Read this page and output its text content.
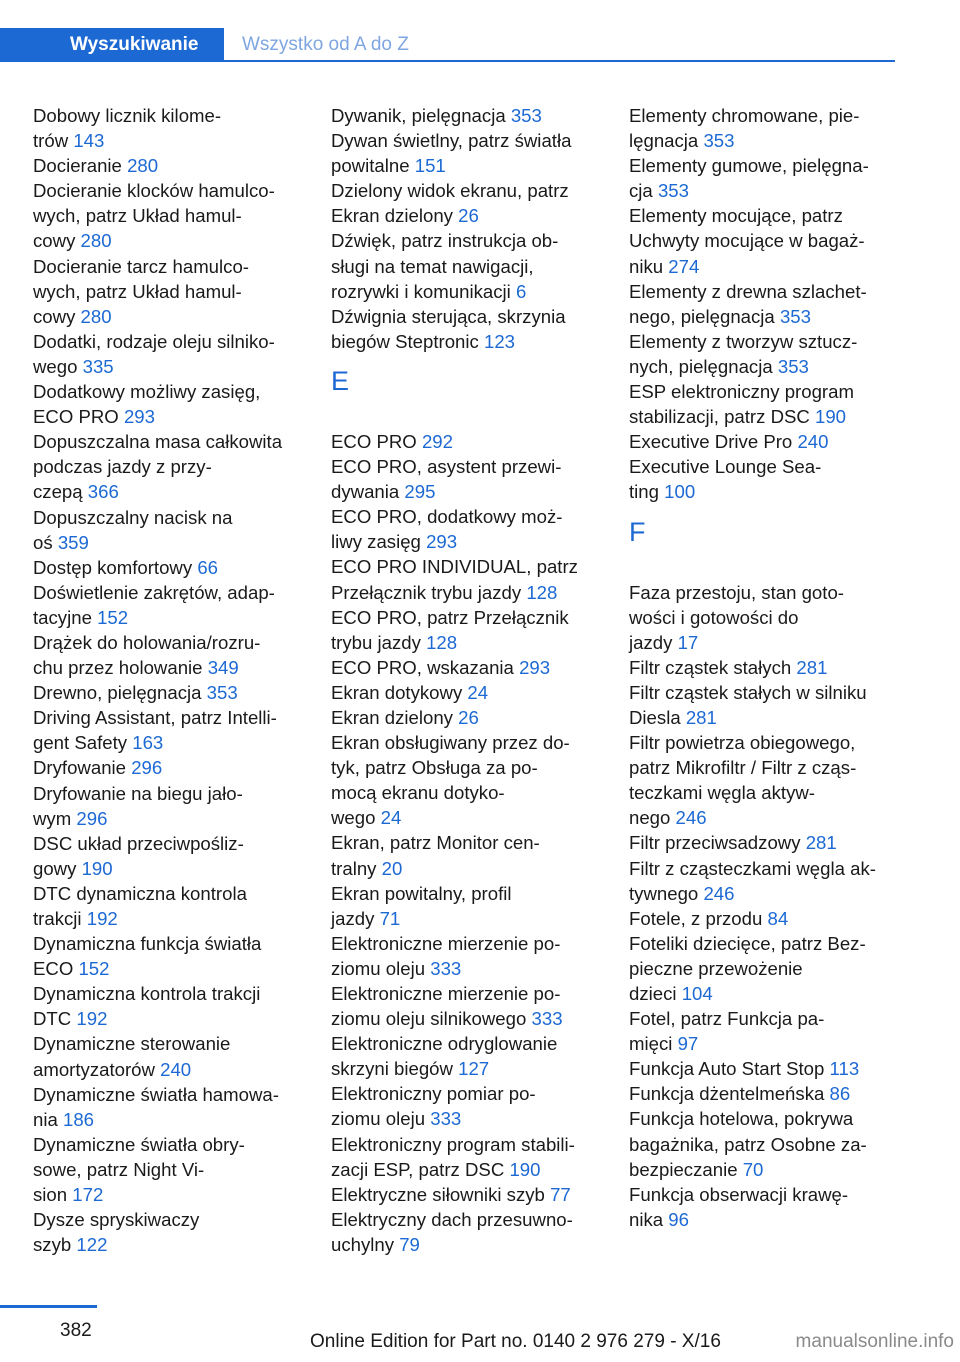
Wyszukiwanie	Wszystko od A do Z
Dobowy licznik kilome-
trów 143
Docieranie 280
Docieranie klocków hamulco-
wych, patrz Układ hamul-
cowy 280
Docieranie tarcz hamulco-
wych, patrz Układ hamul-
cowy 280
Dodatki, rodzaje oleju silniko-
wego 335
Dodatkowy możliwy zasięg,
ECO PRO 293
Dopuszczalna masa całkowita
podczas jazdy z przy-
czepą 366
Dopuszczalny nacisk na
oś 359
Dostęp komfortowy 66
Doświetlenie zakrętów, adap-
tacyjne 152
Drążek do holowania/rozru-
chu przez holowanie 349
Drewno, pielęgnacja 353
Driving Assistant, patrz Intelli-
gent Safety 163
Dryfowanie 296
Dryfowanie na biegu jało-
wym 296
DSC układ przeciwpośliz-
gowy 190
DTC dynamiczna kontrola
trakcji 192
Dynamiczna funkcja światła
ECO 152
Dynamiczna kontrola trakcji
DTC 192
Dynamiczne sterowanie
amortyzatorów 240
Dynamiczne światła hamowa-
nia 186
Dynamiczne światła obry-
sowe, patrz Night Vi-
sion 172
Dysze spryskiwaczy
szyb 122
Dywanik, pielęgnacja 353
Dywan świetlny, patrz światła
powitalne 151
Dzielony widok ekranu, patrz
Ekran dzielony 26
Dźwięk, patrz instrukcja ob-
sługi na temat nawigacji,
rozrywki i komunikacji 6
Dźwignia sterująca, skrzynia
biegów Steptronic 123
E
ECO PRO 292
ECO PRO, asystent przewi-
dywania 295
ECO PRO, dodatkowy moż-
liwy zasięg 293
ECO PRO INDIVIDUAL, patrz
Przełącznik trybu jazdy 128
ECO PRO, patrz Przełącznik
trybu jazdy 128
ECO PRO, wskazania 293
Ekran dotykowy 24
Ekran dzielony 26
Ekran obsługiwany przez do-
tyk, patrz Obsługa za po-
mocą ekranu dotyko-
wego 24
Ekran, patrz Monitor cen-
tralny 20
Ekran powitalny, profil
jazdy 71
Elektroniczne mierzenie po-
ziomu oleju 333
Elektroniczne mierzenie po-
ziomu oleju silnikowego 333
Elektroniczne odryglowanie
skrzyni biegów 127
Elektroniczny pomiar po-
ziomu oleju 333
Elektroniczny program stabili-
zacji ESP, patrz DSC 190
Elektryczne siłowniki szyb 77
Elektryczny dach przesuwno-
uchylny 79
Elementy chromowane, pie-
lęgnacja 353
Elementy gumowe, pielęgna-
cja 353
Elementy mocujące, patrz
Uchwyty mocujące w bagaż-
niku 274
Elementy z drewna szlachet-
nego, pielęgnacja 353
Elementy z tworzyw sztucz-
nych, pielęgnacja 353
ESP elektroniczny program
stabilizacji, patrz DSC 190
Executive Drive Pro 240
Executive Lounge Sea-
ting 100
F
Faza przestoju, stan goto-
wości i gotowości do
jazdy 17
Filtr cząstek stałych 281
Filtr cząstek stałych w silniku
Diesla 281
Filtr powietrza obiegowego,
patrz Mikrofiltr / Filtr z cząs-
teczkami węgla aktyw-
nego 246
Filtr przeciwsadzowy 281
Filtr z cząsteczkami węgla ak-
tywnego 246
Fotele, z przodu 84
Foteliki dziecięce, patrz Bez-
pieczne przewożenie
dzieci 104
Fotel, patrz Funkcja pa-
mięci 97
Funkcja Auto Start Stop 113
Funkcja dżentelmeńska 86
Funkcja hotelowa, pokrywa
bagażnika, patrz Osobne za-
bezpieczanie 70
Funkcja obserwacji krawę-
nika 96
382
Online Edition for Part no. 0140 2 976 279 - X/16	manualsonline.info
